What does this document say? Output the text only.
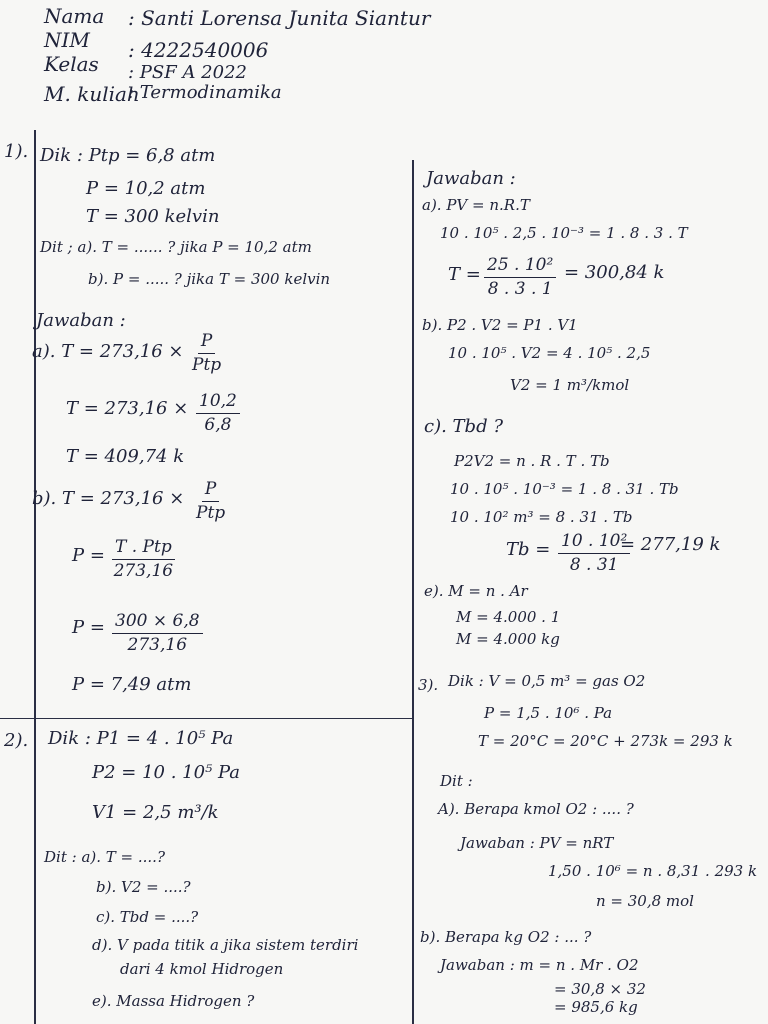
Nama : Santi Lorensa Junita Siantur
NIM : 4222540006
Kelas : PSF A 2022
M. kuliah
: Termodinamika
1). Dik : Ptp = 6,8 atm
P = 10,2 atm
T = 300 kelvin
Dit ; a). T = ...... ? jika P = 10,2 atm
b). P = ..... ? jika T = 300 kelvin
Jawaban :
a). T = 273,16 × P
Ptp
$T = 273,16 \times \frac{10,2}{6,8}$
T = 409,74 k
b). T = 273,16 × P
Ptp
P = T . Ptp
273,16
$P = \frac{300 \times 6,8}{273,16}$
P = 7,49 atm
2). Dik : P1 = 4 . 10⁵ Pa
P2 = 10 . 10⁵ Pa
V1 = 2,5 m³/k
Dit : a). T = ....?
b). V2 = ....?
c). Tbd = ....?
d). V pada titik a jika sistem terdiri
dari 4 kmol Hidrogen
e). Massa Hidrogen ?
Jawaban :
a). PV = n.R.T
10 . 10⁵ . 2,5 . 10⁻³ = 1 . 8 . 3 . T
$T = \frac{\text{25 . 10²}}{8 . 3 . 1} = 300,84$ k
b). P2 . V2 = P1 . V1
10 . 10⁵ . V2 = 4 . 10⁵ . 2,5
V2 = 1 m³/kmol
c). Tbd ?
P2V2 = n . R . T . Tb
10 . 10⁵ . 10⁻³ = 1 . 8 . 31 . Tb
10 . 10² m³ = 8 . 31 . Tb
$Tb = \frac{\text{10 . 10²}}{8 . 31}$
= 277,19 k
e). M = n . Ar
M = 4.000 . 1
M = 4.000 kg
3). Dik : V = 0,5 m³ = gas O2
P = 1,5 . 10⁶ . Pa
T = 20°C = 20°C + 273k = 293 k
Dit :
A). Berapa kmol O2 : .... ?
Jawaban : PV = nRT
1,50 . 10⁶ = n . 8,31 . 293 k
n = 30,8 mol
b). Berapa kg O2 : ... ?
Jawaban : m = n . Mr . O2
= 30,8 × 32
= 985,6 kg
